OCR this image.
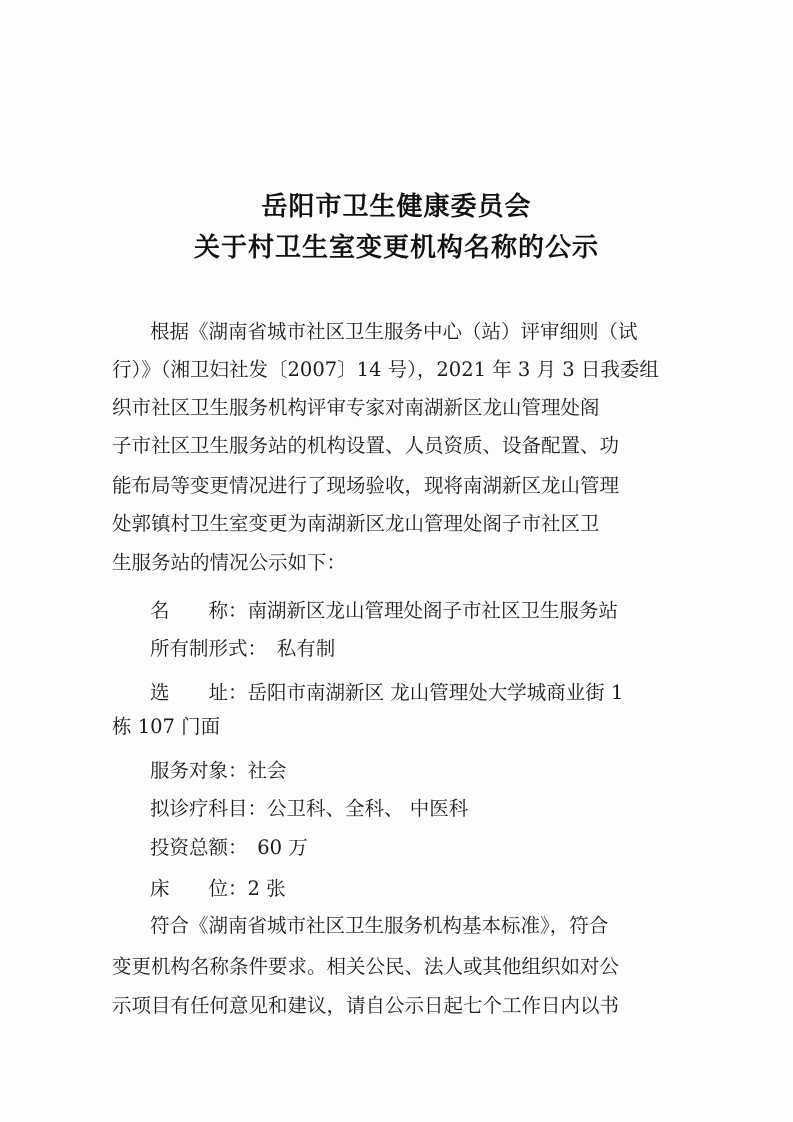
岳阳市卫生健康委员会
关于村卫生室变更机构名称的公示
根据《湖南省城市社区卫生服务中心（站）评审细则（试
行）》（湘卫妇社发〔2007〕14 号），2021 年 3 月 3 日我委组
织市社区卫生服务机构评审专家对南湖新区龙山管理处阁
子市社区卫生服务站的机构设置、人员资质、设备配置、功
能布局等变更情况进行了现场验收，现将南湖新区龙山管理
处郭镇村卫生室变更为南湖新区龙山管理处阁子市社区卫
生服务站的情况公示如下：
名　　称：南湖新区龙山管理处阁子市社区卫生服务站
所有制形式：　私有制
选　　址：岳阳市南湖新区 龙山管理处大学城商业街 1
栋 107 门面
服务对象：社会
拟诊疗科目：公卫科、全科、 中医科
投资总额：　60 万
床　　位：2 张
符合《湖南省城市社区卫生服务机构基本标准》，符合
变更机构名称条件要求。相关公民、法人或其他组织如对公
示项目有任何意见和建议，请自公示日起七个工作日内以书
